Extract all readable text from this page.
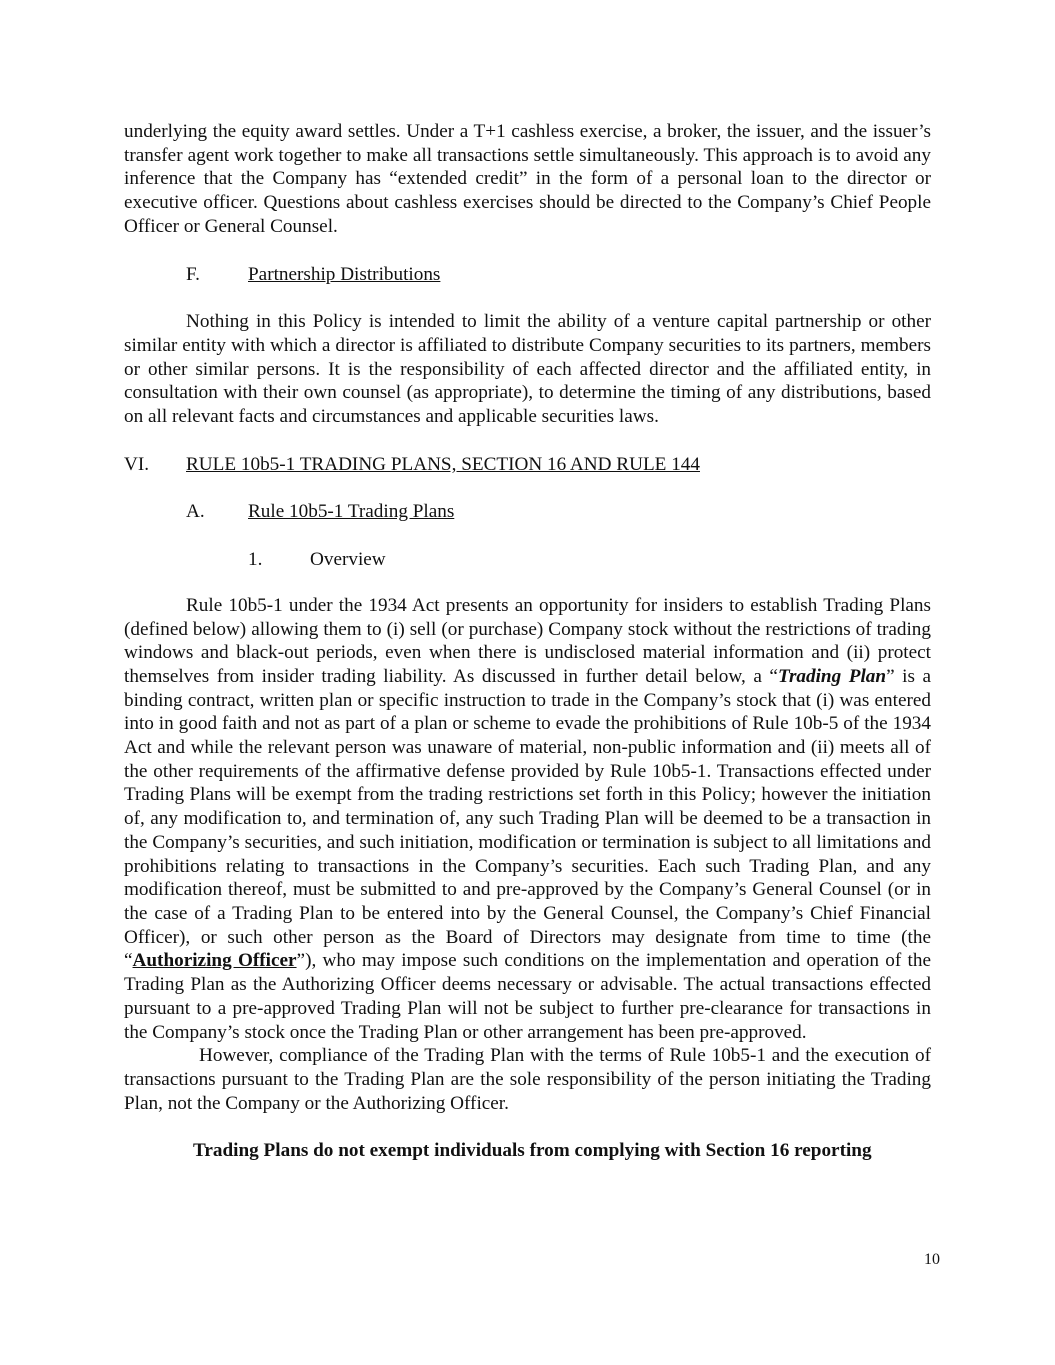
underlying the equity award settles. Under a T+1 cashless exercise, a broker, the issuer, and the issuer’s transfer agent work together to make all transactions settle simultaneously. This approach is to avoid any inference that the Company has “extended credit” in the form of a personal loan to the director or executive officer. Questions about cashless exercises should be directed to the Company’s Chief People Officer or General Counsel.

F.	Partnership Distributions

Nothing in this Policy is intended to limit the ability of a venture capital partnership or other similar entity with which a director is affiliated to distribute Company securities to its partners, members or other similar persons. It is the responsibility of each affected director and the affiliated entity, in consultation with their own counsel (as appropriate), to determine the timing of any distributions, based on all relevant facts and circumstances and applicable securities laws.

VI.	RULE 10b5-1 TRADING PLANS, SECTION 16 AND RULE 144
A.	Rule 10b5-1 Trading Plans
1.	Overview

Rule 10b5-1 under the 1934 Act presents an opportunity for insiders to establish Trading Plans (defined below) allowing them to (i) sell (or purchase) Company stock without the restrictions of trading windows and black-out periods, even when there is undisclosed material information and (ii) protect themselves from insider trading liability. As discussed in further detail below, a “Trading Plan” is a binding contract, written plan or specific instruction to trade in the Company’s stock that (i) was entered into in good faith and not as part of a plan or scheme to evade the prohibitions of Rule 10b-5 of the 1934 Act and while the relevant person was unaware of material, non-public information and (ii) meets all of the other requirements of the affirmative defense provided by Rule 10b5-1. Transactions effected under Trading Plans will be exempt from the trading restrictions set forth in this Policy; however the initiation of, any modification to, and termination of, any such Trading Plan will be deemed to be a transaction in the Company’s securities, and such initiation, modification or termination is subject to all limitations and prohibitions relating to transactions in the Company’s securities. Each such Trading Plan, and any modification thereof, must be submitted to and pre-approved by the Company’s General Counsel (or in the case of a Trading Plan to be entered into by the General Counsel, the Company’s Chief Financial Officer), or such other person as the Board of Directors may designate from time to time (the “Authorizing Officer”), who may impose such conditions on the implementation and operation of the Trading Plan as the Authorizing Officer deems necessary or advisable. The actual transactions effected pursuant to a pre-approved Trading Plan will not be subject to further pre-clearance for transactions in the Company’s stock once the Trading Plan or other arrangement has been pre-approved.

However, compliance of the Trading Plan with the terms of Rule 10b5-1 and the execution of transactions pursuant to the Trading Plan are the sole responsibility of the person initiating the Trading Plan, not the Company or the Authorizing Officer.

Trading Plans do not exempt individuals from complying with Section 16 reporting

10
